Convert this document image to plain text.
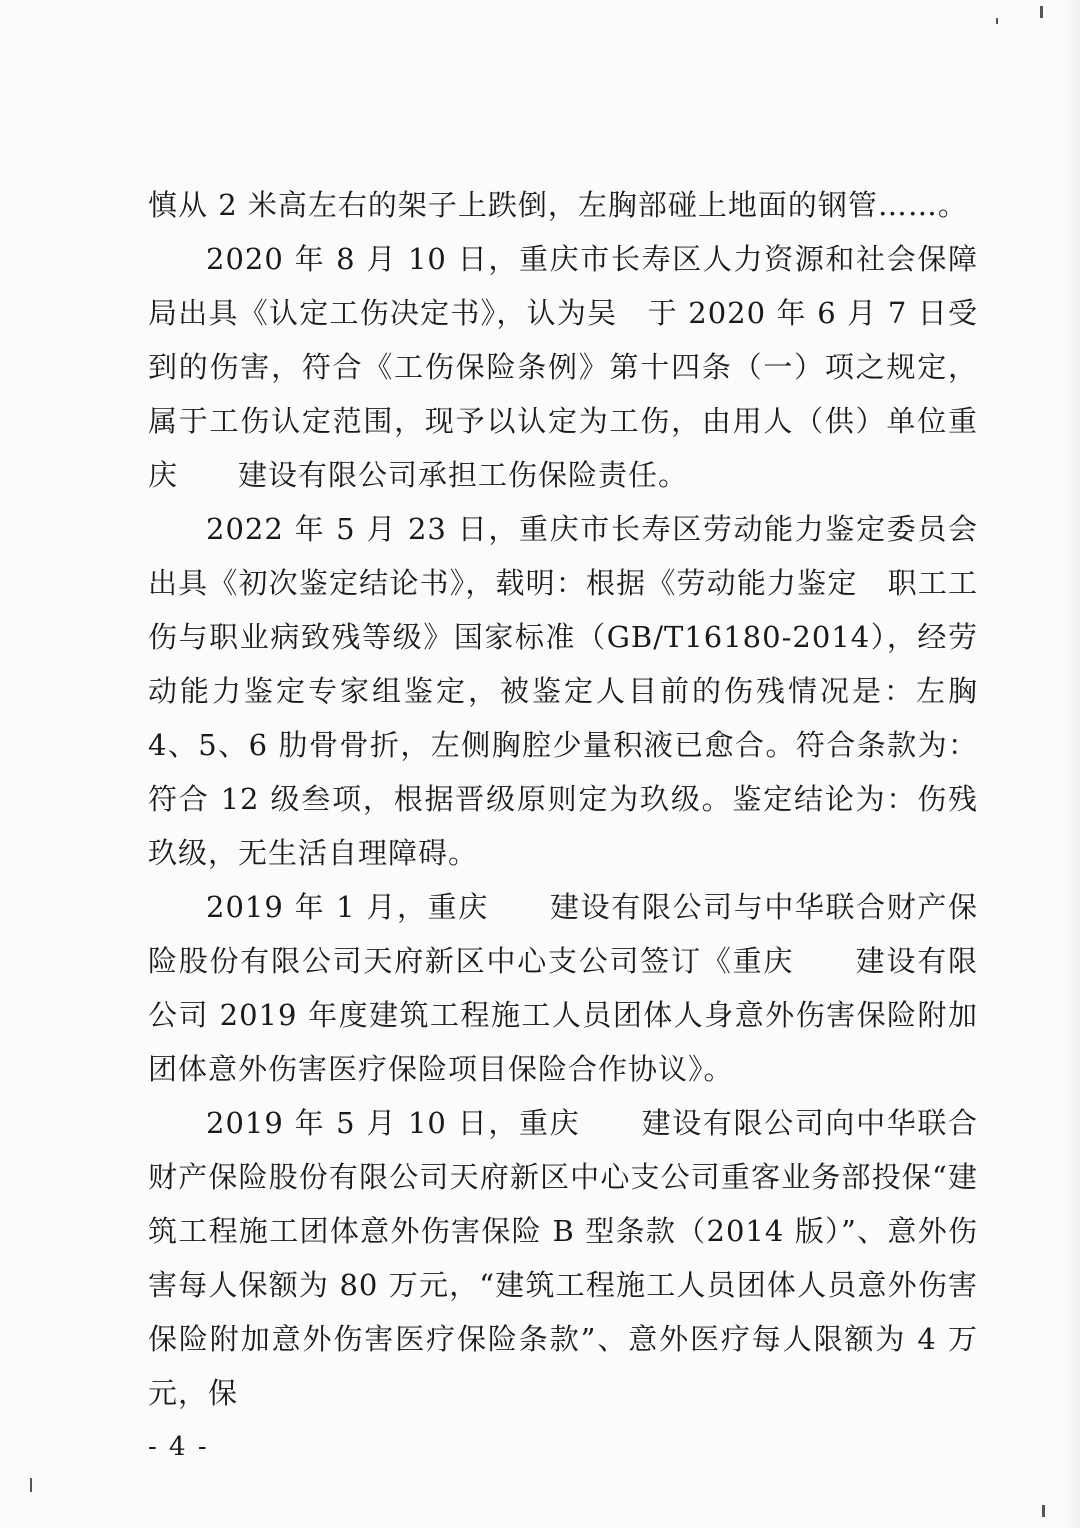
慎从 2 米高左右的架子上跌倒，左胸部碰上地面的钢管……。

2020 年 8 月 10 日，重庆市长寿区人力资源和社会保障局出具《认定工伤决定书》，认为吴　于 2020 年 6 月 7 日受到的伤害，符合《工伤保险条例》第十四条（一）项之规定，属于工伤认定范围，现予以认定为工伤，由用人（供）单位重庆　　建设有限公司承担工伤保险责任。

2022 年 5 月 23 日，重庆市长寿区劳动能力鉴定委员会出具《初次鉴定结论书》，载明：根据《劳动能力鉴定　职工工伤与职业病致残等级》国家标准（GB/T16180-2014），经劳动能力鉴定专家组鉴定，被鉴定人目前的伤残情况是：左胸 4、5、6 肋骨骨折，左侧胸腔少量积液已愈合。符合条款为：符合 12 级叁项，根据晋级原则定为玖级。鉴定结论为：伤残玖级，无生活自理障碍。

2019 年 1 月，重庆　　建设有限公司与中华联合财产保险股份有限公司天府新区中心支公司签订《重庆　　建设有限公司 2019 年度建筑工程施工人员团体人身意外伤害保险附加团体意外伤害医疗保险项目保险合作协议》。

2019 年 5 月 10 日，重庆　　建设有限公司向中华联合财产保险股份有限公司天府新区中心支公司重客业务部投保“建筑工程施工团体意外伤害保险 B 型条款（2014 版）”、意外伤害每人保额为 80 万元，“建筑工程施工人员团体人员意外伤害保险附加意外伤害医疗保险条款”、意外医疗每人限额为 4 万元，保

- 4 -
